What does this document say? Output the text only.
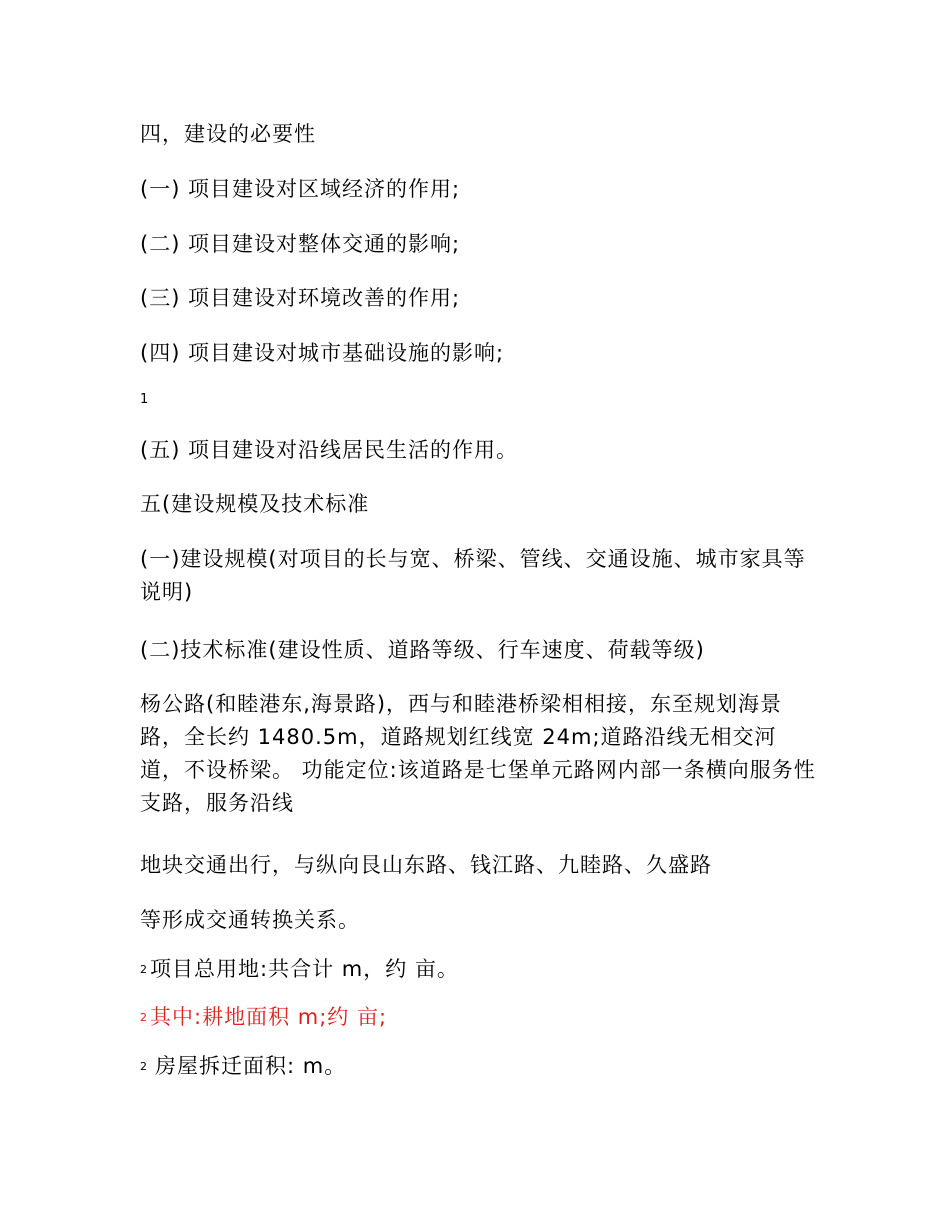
四，建设的必要性
(一) 项目建设对区域经济的作用;
(二) 项目建设对整体交通的影响;
(三) 项目建设对环境改善的作用;
(四) 项目建设对城市基础设施的影响;
1
(五) 项目建设对沿线居民生活的作用。
五(建设规模及技术标准
(一)建设规模(对项目的长与宽、桥梁、管线、交通设施、城市家具等说明)
(二)技术标准(建设性质、道路等级、行车速度、荷载等级)
杨公路(和睦港东,海景路)，西与和睦港桥梁相相接，东至规划海景路，全长约 1480.5m，道路规划红线宽 24m;道路沿线无相交河道，不设桥梁。 功能定位:该道路是七堡单元路网内部一条横向服务性支路，服务沿线
地块交通出行，与纵向艮山东路、钱江路、九睦路、久盛路
等形成交通转换关系。
2 项目总用地:共合计 m，约 亩。
2 其中:耕地面积 m;约 亩;
2 房屋拆迁面积: m。
